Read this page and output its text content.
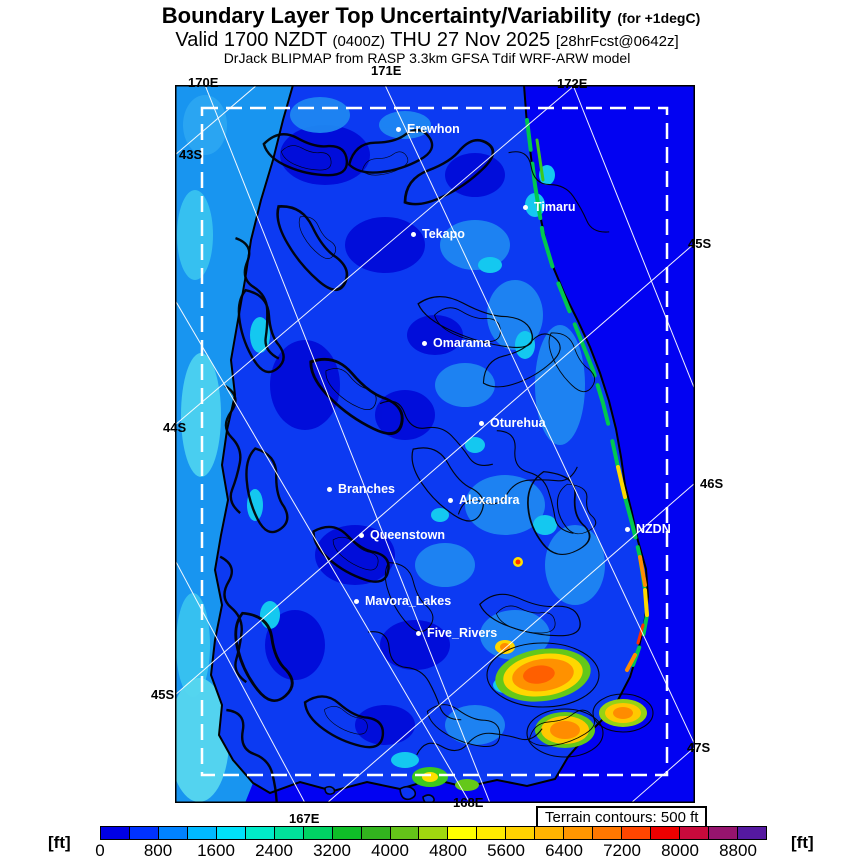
Boundary Layer Top Uncertainty/Variability (for +1degC)
Valid 1700 NZDT (0400Z) THU 27 Nov 2025 [28hrFcst@0642z]
DrJack BLIPMAP from RASP 3.3km GFSA Tdif WRF-ARW model
171E
170E	172E
43S
44S
45S
45S
46S
47S
168E
167E
Erewhon
Timaru
Tekapo
Omarama
Oturehua
Branches
Alexandra
Queenstown	NZDN
Mavora_Lakes
Five_Rivers
Terrain contours: 500 ft
[ft] 0 800 1600 2400 3200 4000 4800 5600 6400 7200 8000 8800 [ft]
